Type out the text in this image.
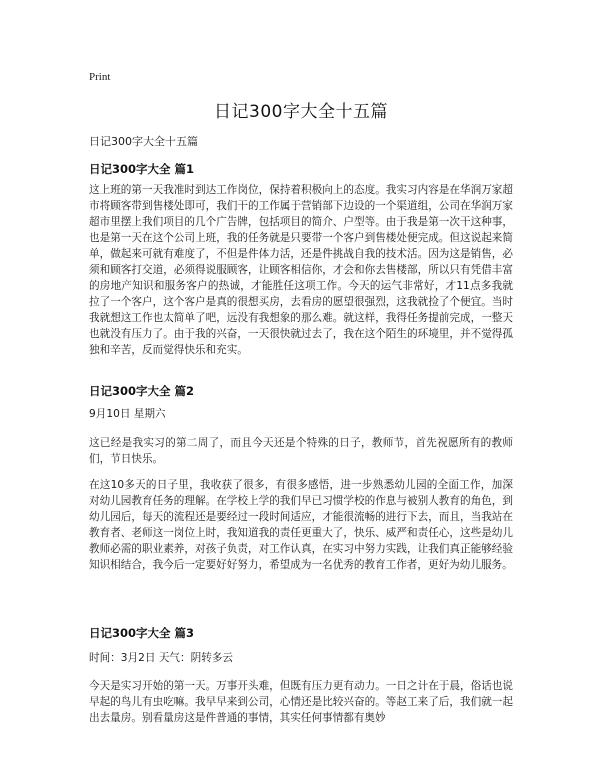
Print
日记300字大全十五篇

日记300字大全十五篇

日记300字大全 篇1

这上班的第一天我准时到达工作岗位，保持着积极向上的态度。我实习内容是在华润万家超市将顾客带到售楼处即可，我们干的工作属于营销部下边设的一个渠道组，公司在华润万家超市里摆上我们项目的几个广告牌，包括项目的简介、户型等。由于我是第一次干这种事，也是第一天在这个公司上班，我的任务就是只要带一个客户到售楼处便完成。但这说起来简单，做起来可就有难度了，不但是件体力活，还是件挑战自我的技术活。因为这是销售，必须和顾客打交道，必须得说服顾客，让顾客相信你，才会和你去售楼部，所以只有凭借丰富的房地产知识和服务客户的热诚，才能胜任这项工作。今天的运气非常好，才11点多我就拉了一个客户，这个客户是真的很想买房，去看房的愿望很强烈，这我就捡了个便宜。当时我就想这工作也太简单了吧，远没有我想象的那么难。就这样，我得任务提前完成，一整天也就没有压力了。由于我的兴奋，一天很快就过去了，我在这个陌生的环境里，并不觉得孤独和辛苦，反而觉得快乐和充实。

日记300字大全 篇2

9月10日 星期六

这已经是我实习的第二周了，而且今天还是个特殊的日子，教师节，首先祝愿所有的教师们，节日快乐。

在这10多天的日子里，我收获了很多，有很多感悟，进一步熟悉幼儿园的全面工作，加深对幼儿园教育任务的理解。在学校上学的我们早已习惯学校的作息与被别人教育的角色，到幼儿园后，每天的流程还是要经过一段时间适应，才能很流畅的进行下去，而且，当我站在教育者、老师这一岗位上时，我知道我的责任更重大了，快乐、威严和责任心，这些是幼儿教师必需的职业素养，对孩子负责，对工作认真，在实习中努力实践，让我们真正能够经验知识相结合，我今后一定要好好努力，希望成为一名优秀的教育工作者，更好为幼儿服务。

日记300字大全 篇3

时间：3月2日 天气：阴转多云

今天是实习开始的第一天。万事开头难，但既有压力更有动力。一日之计在于晨，俗话也说早起的鸟儿有虫吃嘛。我早早来到公司，心情还是比较兴奋的。等赵工来了后，我们就一起出去量房。别看量房这是件普通的事情，其实任何事情都有奥妙
